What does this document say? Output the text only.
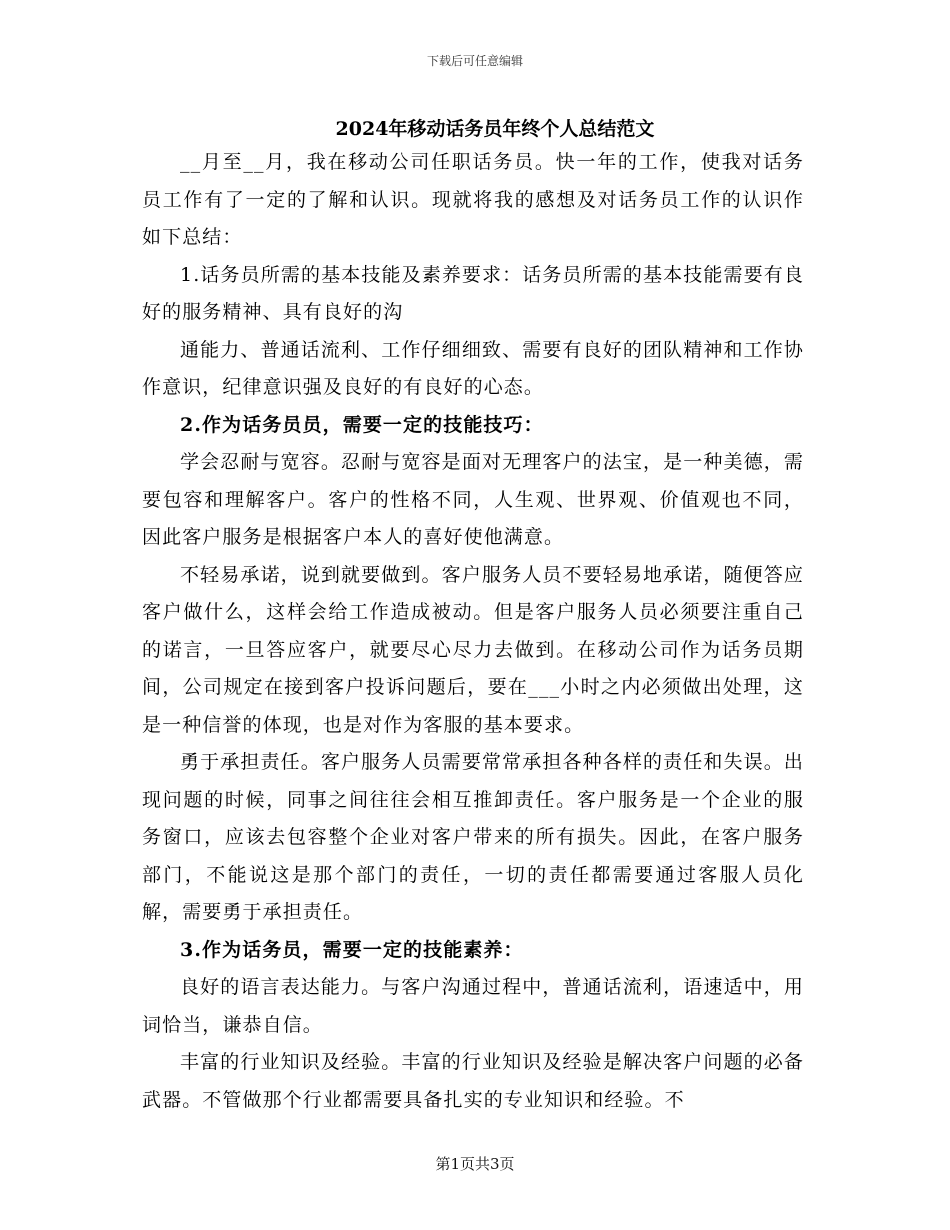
下载后可任意编辑
2024年移动话务员年终个人总结范文

__月至__月，我在移动公司任职话务员。快一年的工作，使我对话务员工作有了一定的了解和认识。现就将我的感想及对话务员工作的认识作如下总结：

1.话务员所需的基本技能及素养要求：话务员所需的基本技能需要有良好的服务精神、具有良好的沟

通能力、普通话流利、工作仔细细致、需要有良好的团队精神和工作协作意识，纪律意识强及良好的有良好的心态。

2.作为话务员员，需要一定的技能技巧：

学会忍耐与宽容。忍耐与宽容是面对无理客户的法宝，是一种美德，需要包容和理解客户。客户的性格不同，人生观、世界观、价值观也不同，因此客户服务是根据客户本人的喜好使他满意。

不轻易承诺，说到就要做到。客户服务人员不要轻易地承诺，随便答应客户做什么，这样会给工作造成被动。但是客户服务人员必须要注重自己的诺言，一旦答应客户，就要尽心尽力去做到。在移动公司作为话务员期间，公司规定在接到客户投诉问题后，要在___小时之内必须做出处理，这是一种信誉的体现，也是对作为客服的基本要求。

勇于承担责任。客户服务人员需要常常承担各种各样的责任和失误。出现问题的时候，同事之间往往会相互推卸责任。客户服务是一个企业的服务窗口，应该去包容整个企业对客户带来的所有损失。因此，在客户服务部门，不能说这是那个部门的责任，一切的责任都需要通过客服人员化解，需要勇于承担责任。

3.作为话务员，需要一定的技能素养：

良好的语言表达能力。与客户沟通过程中，普通话流利，语速适中，用词恰当，谦恭自信。

丰富的行业知识及经验。丰富的行业知识及经验是解决客户问题的必备武器。不管做那个行业都需要具备扎实的专业知识和经验。不

第1页共3页
